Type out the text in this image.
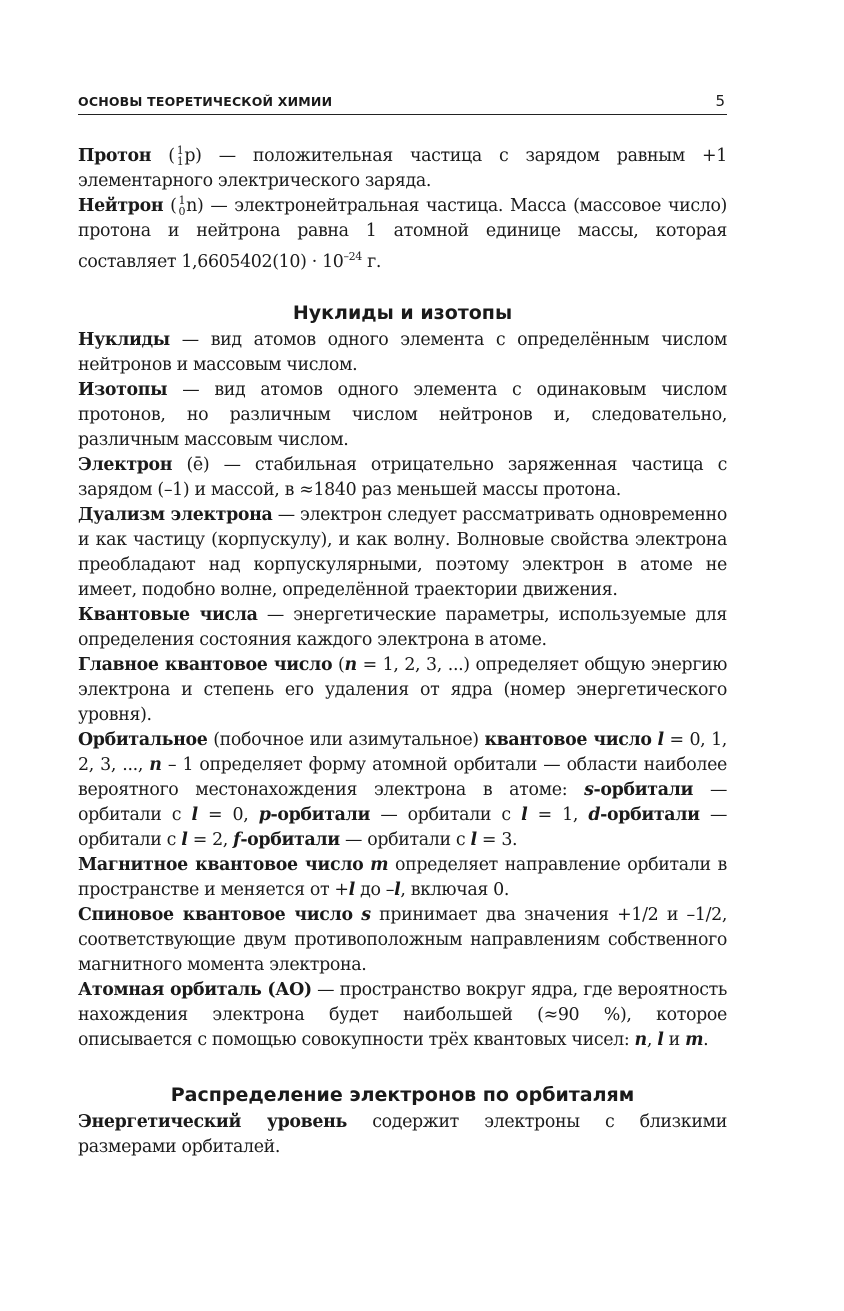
ОСНОВЫ ТЕОРЕТИЧЕСКОЙ ХИМИИ	5

Протон ( 1
1 p) — положительная частица с зарядом равным +1 элементарного электрического заряда.

Нейтрон ( 1
0 n) — электронейтральная частица. Масса (массовое число) протона и нейтрона равна 1 атомной единице массы, которая составляет $1,6605402(10) \cdot 10^{-24}$ г.

Нуклиды и изотопы

Нуклиды — вид атомов одного элемента с определённым числом нейтронов и массовым числом.

Изотопы — вид атомов одного элемента с одинаковым числом протонов, но различным числом нейтронов и, следовательно, различным массовым числом.

Электрон (ē) — стабильная отрицательно заряженная частица с зарядом (–1) и массой, в ≈1840 раз меньшей массы протона.

Дуализм электрона — электрон следует рассматривать одновременно и как частицу (корпускулу), и как волну. Волновые свойства электрона преобладают над корпускулярными, поэтому электрон в атоме не имеет, подобно волне, определённой траектории движения.

Квантовые числа — энергетические параметры, используемые для определения состояния каждого электрона в атоме.

Главное квантовое число (n = 1, 2, 3, ...) определяет общую энергию электрона и степень его удаления от ядра (номер энергетического уровня).

Орбитальное (побочное или азимутальное) квантовое число l = 0, 1, 2, 3, ..., n – 1 определяет форму атомной орбитали — области наиболее вероятного местонахождения электрона в атоме: s-орбитали — орбитали с l = 0, p-орбитали — орбитали с l = 1, d-орбитали — орбитали с l = 2, f-орбитали — орбитали с l = 3.

Магнитное квантовое число m определяет направление орбитали в пространстве и меняется от +l до –l, включая 0.

Спиновое квантовое число s принимает два значения +1/2 и –1/2, соответствующие двум противоположным направлениям собственного магнитного момента электрона.

Атомная орбиталь (АО) — пространство вокруг ядра, где вероятность нахождения электрона будет наибольшей (≈90 %), которое описывается с помощью совокупности трёх квантовых чисел: n, l и m.

Распределение электронов по орбиталям

Энергетический уровень содержит электроны с близкими размерами орбиталей.
